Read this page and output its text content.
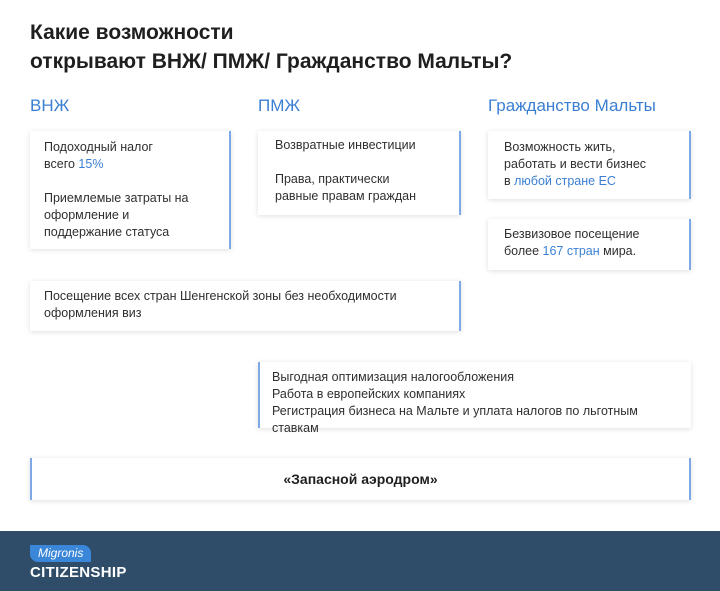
Какие возможности
открывают ВНЖ/ ПМЖ/ Гражданство Мальты?
ВНЖ	ПМЖ	Гражданство Мальты

Подоходный налог

всего 15%

Приемлемые затраты на

оформление и

поддержание статуса

Возвратные инвестиции

Права, практически

равные правам граждан

Возможность жить,

работать и вести бизнес

в любой стране ЕС

Безвизовое посещение

более 167 стран мира.

Посещение всех стран Шенгенской зоны без необходимости

оформления виз

Выгодная оптимизация налогообложения

Работа в европейских компаниях

Регистрация бизнеса на Мальте и уплата налогов по льготным ставкам

«Запасной аэродром»
Migronis
CITIZENSHIP
